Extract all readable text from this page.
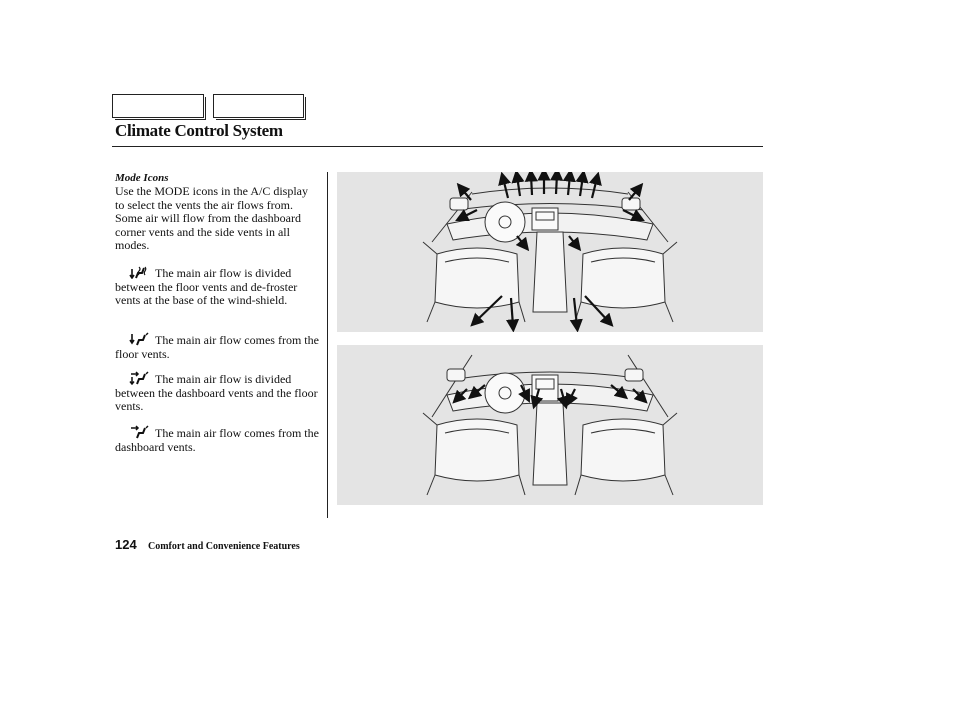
Climate Control System
Mode Icons

Use the MODE icons in the A/C display to select the vents the air flows from. Some air will flow from the dashboard corner vents and the side vents in all modes.

The main air flow is divided between the floor vents and de-froster vents at the base of the wind-shield.

The main air flow comes from the floor vents.

The main air flow is divided between the dashboard vents and the floor vents.

The main air flow comes from the dashboard vents.

124 Comfort and Convenience Features
